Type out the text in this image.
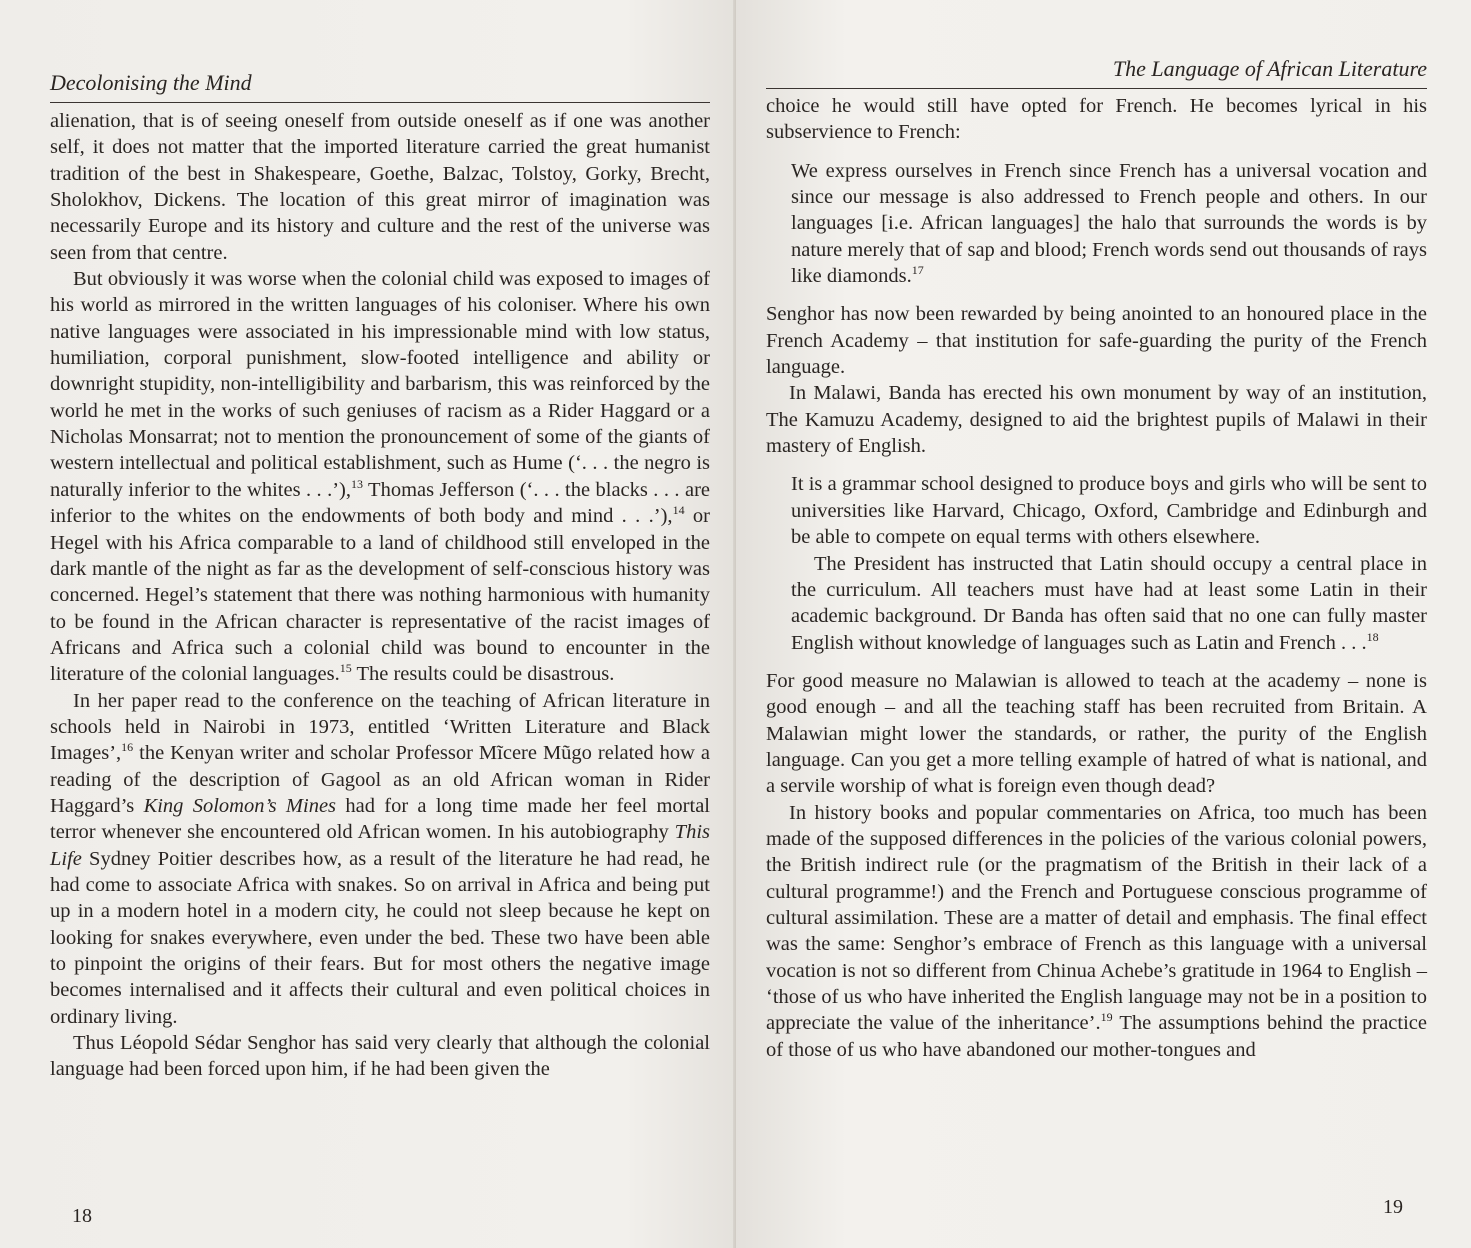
Decolonising the Mind

alienation, that is of seeing oneself from outside oneself as if one was another self, it does not matter that the imported literature carried the great humanist tradition of the best in Shakespeare, Goethe, Balzac, Tolstoy, Gorky, Brecht, Sholokhov, Dickens. The location of this great mirror of imagination was necessarily Europe and its history and culture and the rest of the universe was seen from that centre.

But obviously it was worse when the colonial child was exposed to images of his world as mirrored in the written languages of his coloniser. Where his own native languages were associated in his impressionable mind with low status, humiliation, corporal punishment, slow-footed intelligence and ability or downright stupidity, non-intelligibility and barbarism, this was reinforced by the world he met in the works of such geniuses of racism as a Rider Haggard or a Nicholas Monsarrat; not to mention the pronouncement of some of the giants of western intellectual and political establishment, such as Hume (‘. . . the negro is naturally inferior to the whites . . .’),$^{13}$ Thomas Jefferson (‘. . . the blacks . . . are inferior to the whites on the endowments of both body and mind . . .’),$^{14}$ or Hegel with his Africa comparable to a land of childhood still enveloped in the dark mantle of the night as far as the development of self-conscious history was concerned. Hegel’s statement that there was nothing harmonious with humanity to be found in the African character is representative of the racist images of Africans and Africa such a colonial child was bound to encounter in the literature of the colonial languages.$^{15}$ The results could be disastrous.

In her paper read to the conference on the teaching of African literature in schools held in Nairobi in 1973, entitled ‘Written Literature and Black Images’,$^{16}$ the Kenyan writer and scholar Professor Mĩcere Mũgo related how a reading of the description of Gagool as an old African woman in Rider Haggard’s King Solomon’s Mines had for a long time made her feel mortal terror whenever she encountered old African women. In his autobiography This Life Sydney Poitier describes how, as a result of the literature he had read, he had come to associate Africa with snakes. So on arrival in Africa and being put up in a modern hotel in a modern city, he could not sleep because he kept on looking for snakes everywhere, even under the bed. These two have been able to pinpoint the origins of their fears. But for most others the negative image becomes internalised and it affects their cultural and even political choices in ordinary living.

Thus Léopold Sédar Senghor has said very clearly that although the colonial language had been forced upon him, if he had been given the

18
The Language of African Literature

choice he would still have opted for French. He becomes lyrical in his subservience to French:

We express ourselves in French since French has a universal vocation and since our message is also addressed to French people and others. In our languages [i.e. African languages] the halo that surrounds the words is by nature merely that of sap and blood; French words send out thousands of rays like diamonds.$^{17}$

Senghor has now been rewarded by being anointed to an honoured place in the French Academy – that institution for safe-guarding the purity of the French language.

In Malawi, Banda has erected his own monument by way of an institution, The Kamuzu Academy, designed to aid the brightest pupils of Malawi in their mastery of English.

It is a grammar school designed to produce boys and girls who will be sent to universities like Harvard, Chicago, Oxford, Cambridge and Edinburgh and be able to compete on equal terms with others elsewhere.

The President has instructed that Latin should occupy a central place in the curriculum. All teachers must have had at least some Latin in their academic background. Dr Banda has often said that no one can fully master English without knowledge of languages such as Latin and French . . .$^{18}$

For good measure no Malawian is allowed to teach at the academy – none is good enough – and all the teaching staff has been recruited from Britain. A Malawian might lower the standards, or rather, the purity of the English language. Can you get a more telling example of hatred of what is national, and a servile worship of what is foreign even though dead?

In history books and popular commentaries on Africa, too much has been made of the supposed differences in the policies of the various colonial powers, the British indirect rule (or the pragmatism of the British in their lack of a cultural programme!) and the French and Portuguese conscious programme of cultural assimilation. These are a matter of detail and emphasis. The final effect was the same: Senghor’s embrace of French as this language with a universal vocation is not so different from Chinua Achebe’s gratitude in 1964 to English – ‘those of us who have inherited the English language may not be in a position to appreciate the value of the inheritance’.$^{19}$ The assumptions behind the practice of those of us who have abandoned our mother-tongues and

19
